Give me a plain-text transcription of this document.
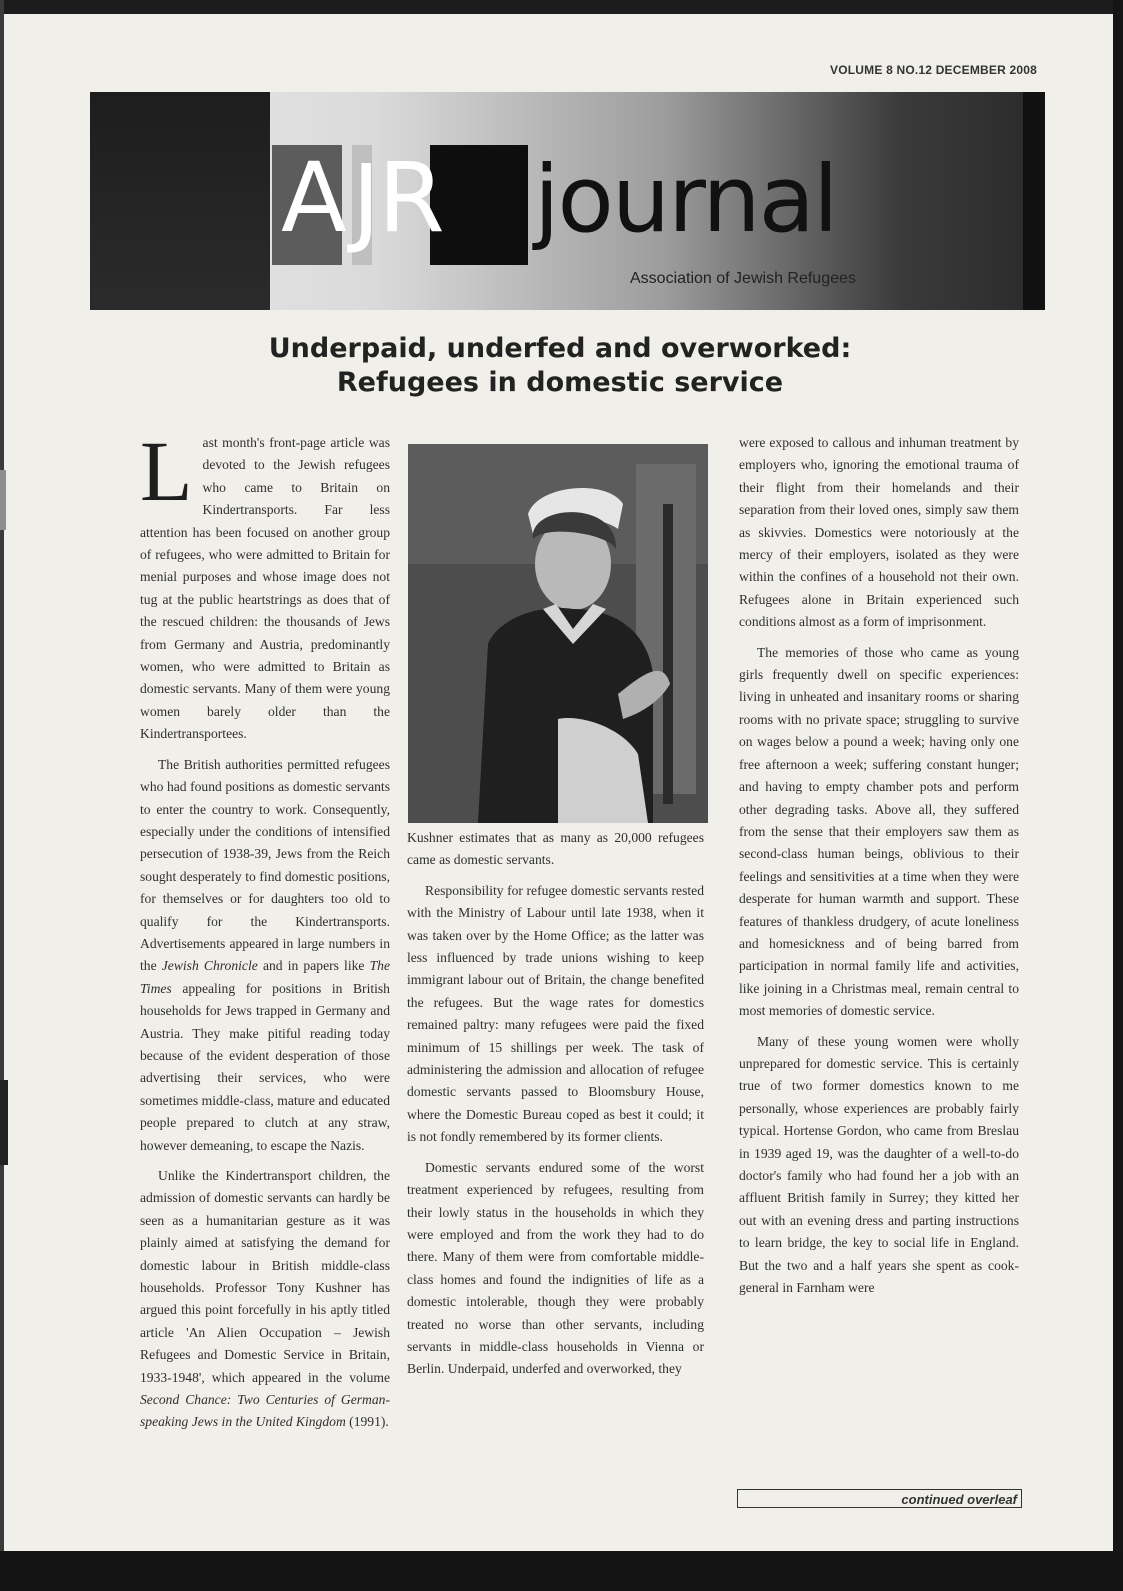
VOLUME 8 NO.12 DECEMBER 2008
A J
R journal
Association of Jewish Refugees
Underpaid, underfed and overworked:
Refugees in domestic service

Last month's front-page article was devoted to the Jewish refugees who came to Britain on Kindertransports. Far less attention has been focused on another group of refugees, who were admitted to Britain for menial purposes and whose image does not tug at the public heartstrings as does that of the rescued children: the thousands of Jews from Germany and Austria, predominantly women, who were admitted to Britain as domestic servants. Many of them were young women barely older than the Kindertransportees.

The British authorities permitted refugees who had found positions as domestic servants to enter the country to work. Consequently, especially under the conditions of intensified persecution of 1938-39, Jews from the Reich sought desperately to find domestic positions, for themselves or for daughters too old to qualify for the Kindertransports. Advertisements appeared in large numbers in the Jewish Chronicle and in papers like The Times appealing for positions in British households for Jews trapped in Germany and Austria. They make pitiful reading today because of the evident desperation of those advertising their services, who were sometimes middle-class, mature and educated people prepared to clutch at any straw, however demeaning, to escape the Nazis.

Unlike the Kindertransport children, the admission of domestic servants can hardly be seen as a humanitarian gesture as it was plainly aimed at satisfying the demand for domestic labour in British middle-class households. Professor Tony Kushner has argued this point forcefully in his aptly titled article 'An Alien Occupation – Jewish Refugees and Domestic Service in Britain, 1933-1948', which appeared in the volume Second Chance: Two Centuries of German-speaking Jews in the United Kingdom (1991).

Kushner estimates that as many as 20,000 refugees came as domestic servants.

Responsibility for refugee domestic servants rested with the Ministry of Labour until late 1938, when it was taken over by the Home Office; as the latter was less influenced by trade unions wishing to keep immigrant labour out of Britain, the change benefited the refugees. But the wage rates for domestics remained paltry: many refugees were paid the fixed minimum of 15 shillings per week. The task of administering the admission and allocation of refugee domestic servants passed to Bloomsbury House, where the Domestic Bureau coped as best it could; it is not fondly remembered by its former clients.

Domestic servants endured some of the worst treatment experienced by refugees, resulting from their lowly status in the households in which they were employed and from the work they had to do there. Many of them were from comfortable middle-class homes and found the indignities of life as a domestic intolerable, though they were probably treated no worse than other servants, including servants in middle-class households in Vienna or Berlin. Underpaid, underfed and overworked, they

were exposed to callous and inhuman treatment by employers who, ignoring the emotional trauma of their flight from their homelands and their separation from their loved ones, simply saw them as skivvies. Domestics were notoriously at the mercy of their employers, isolated as they were within the confines of a household not their own. Refugees alone in Britain experienced such conditions almost as a form of imprisonment.

The memories of those who came as young girls frequently dwell on specific experiences: living in unheated and insanitary rooms or sharing rooms with no private space; struggling to survive on wages below a pound a week; having only one free afternoon a week; suffering constant hunger; and having to empty chamber pots and perform other degrading tasks. Above all, they suffered from the sense that their employers saw them as second-class human beings, oblivious to their feelings and sensitivities at a time when they were desperate for human warmth and support. These features of thankless drudgery, of acute loneliness and homesickness and of being barred from participation in normal family life and activities, like joining in a Christmas meal, remain central to most memories of domestic service.

Many of these young women were wholly unprepared for domestic service. This is certainly true of two former domestics known to me personally, whose experiences are probably fairly typical. Hortense Gordon, who came from Breslau in 1939 aged 19, was the daughter of a well-to-do doctor's family who had found her a job with an affluent British family in Surrey; they kitted her out with an evening dress and parting instructions to learn bridge, the key to social life in England. But the two and a half years she spent as cook-general in Farnham were

continued overleaf
